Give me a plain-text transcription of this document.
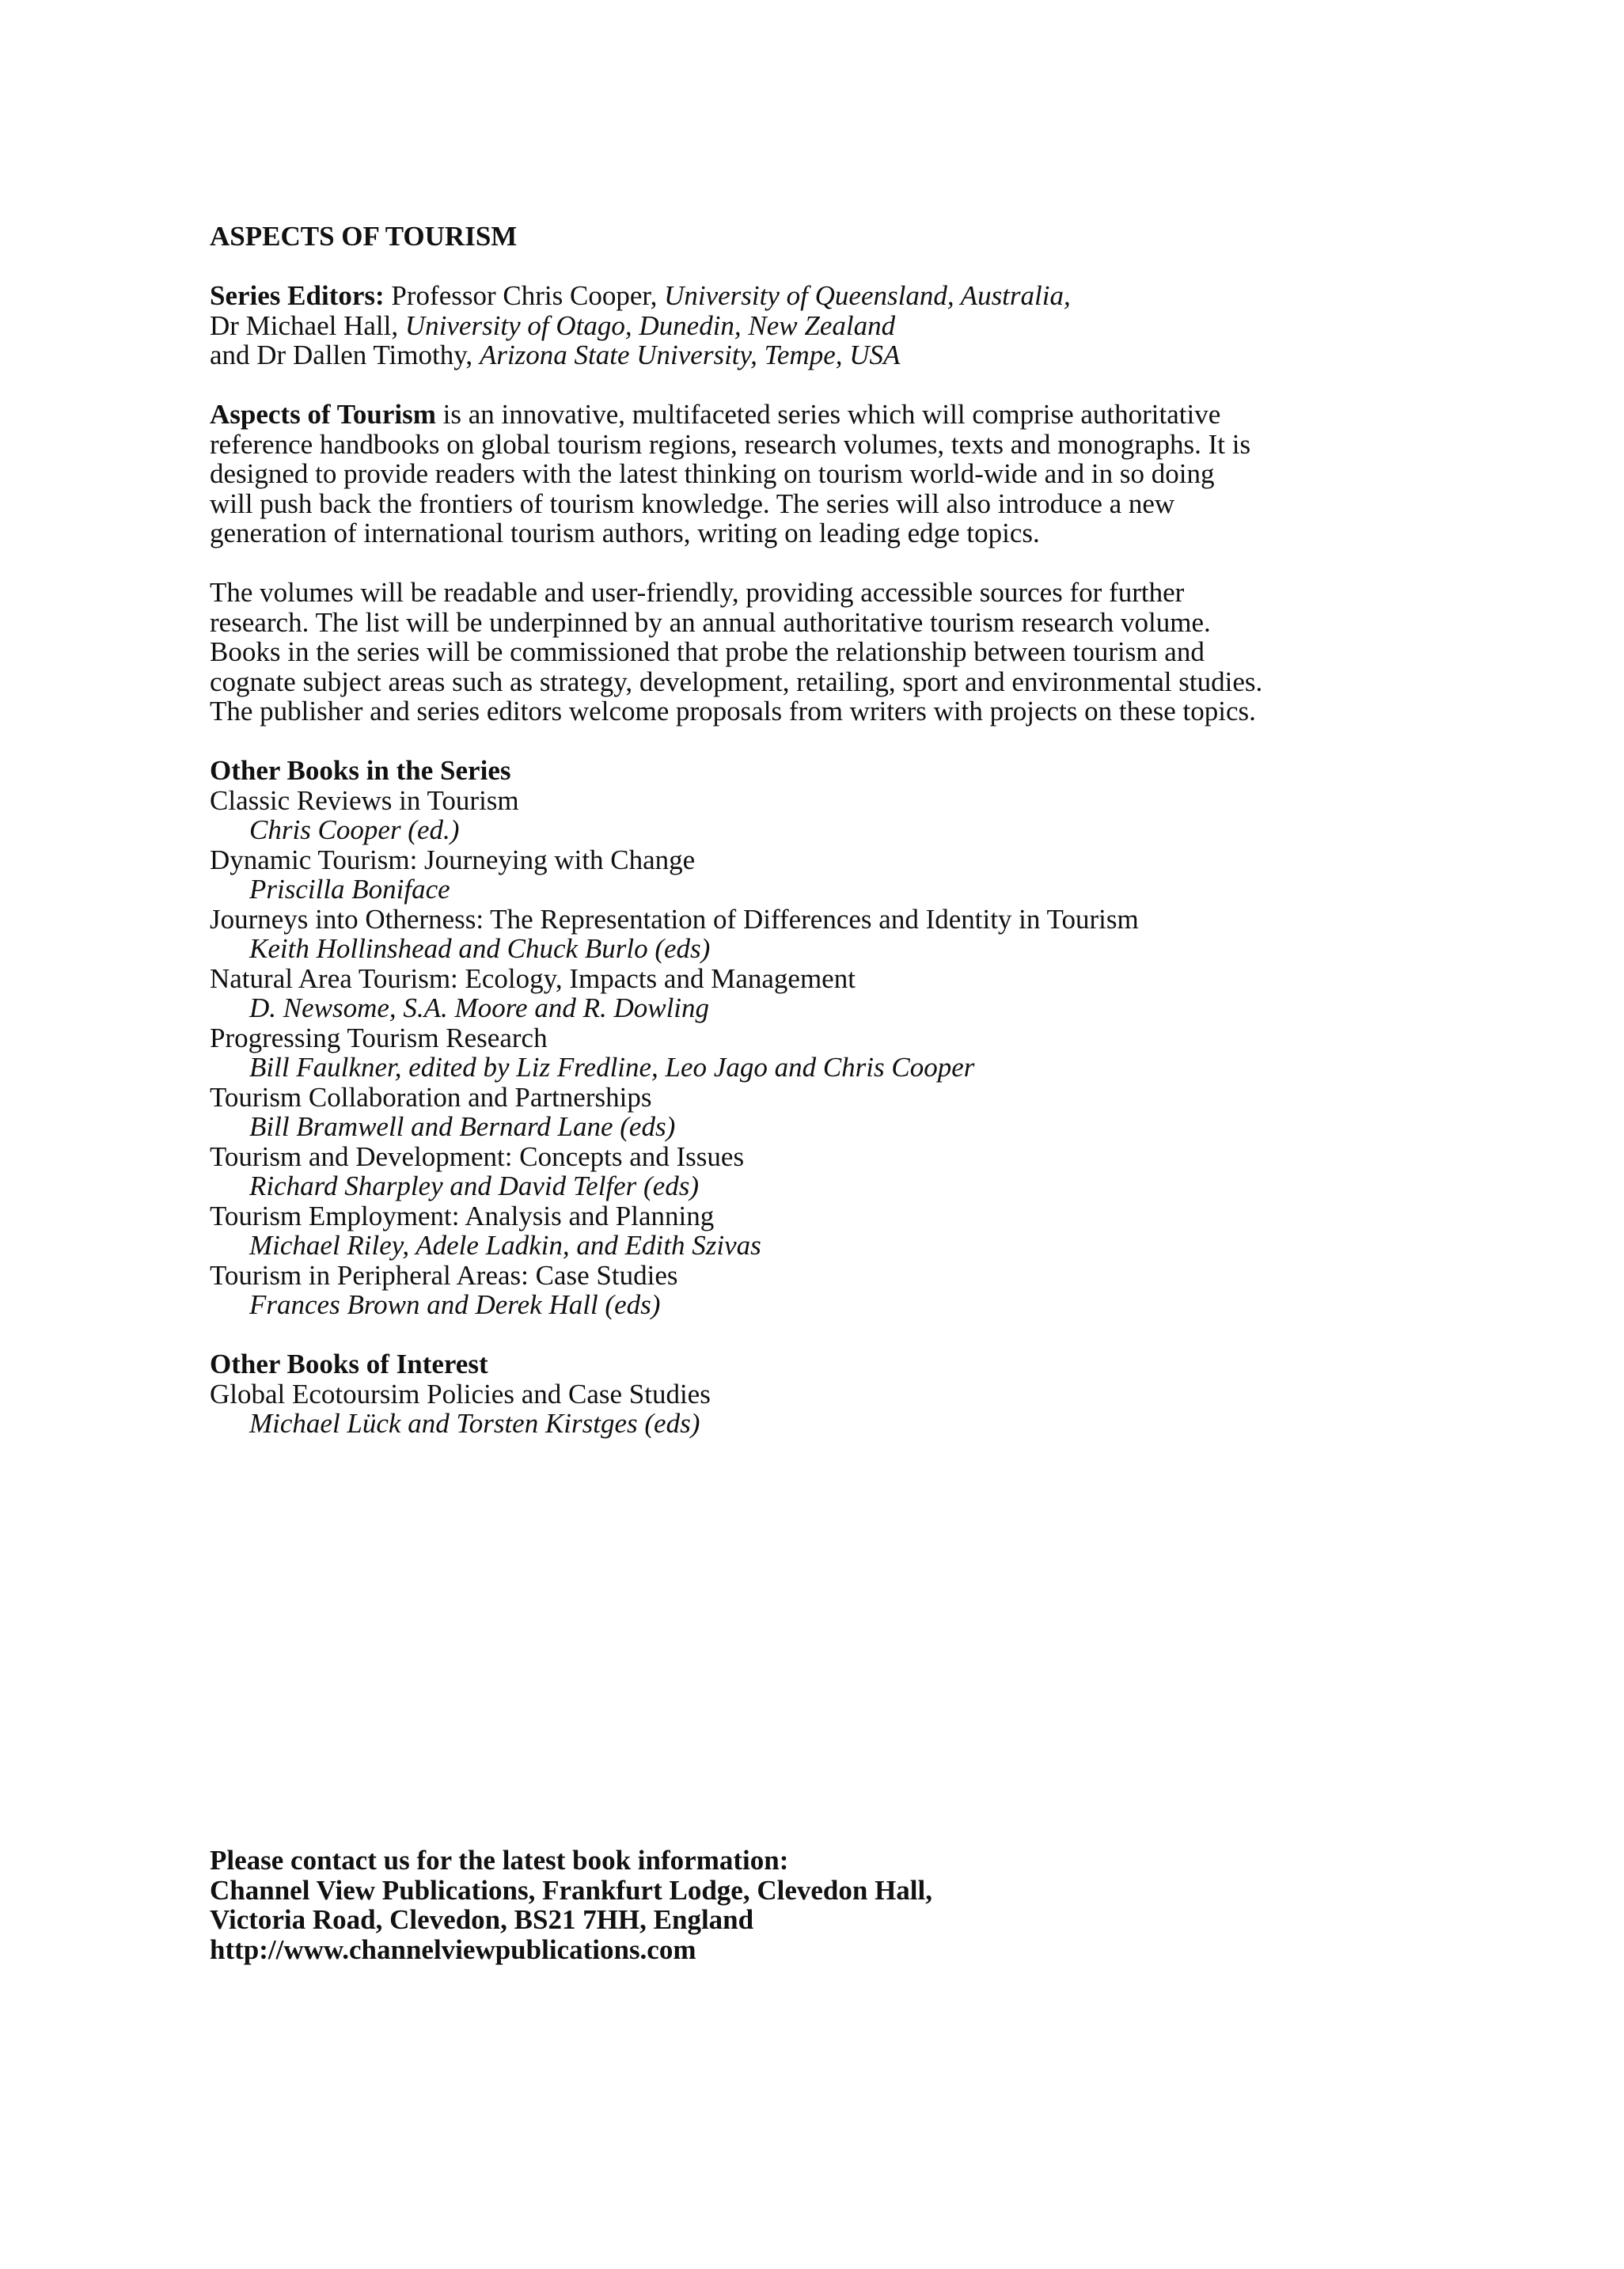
ASPECTS OF TOURISM
Series Editors: Professor Chris Cooper, University of Queensland, Australia,
Dr Michael Hall, University of Otago, Dunedin, New Zealand
and Dr Dallen Timothy, Arizona State University, Tempe, USA
Aspects of Tourism is an innovative, multifaceted series which will comprise authoritative
reference handbooks on global tourism regions, research volumes, texts and monographs. It is
designed to provide readers with the latest thinking on tourism world-wide and in so doing
will push back the frontiers of tourism knowledge. The series will also introduce a new
generation of international tourism authors, writing on leading edge topics.
The volumes will be readable and user-friendly, providing accessible sources for further
research. The list will be underpinned by an annual authoritative tourism research volume.
Books in the series will be commissioned that probe the relationship between tourism and
cognate subject areas such as strategy, development, retailing, sport and environmental studies.
The publisher and series editors welcome proposals from writers with projects on these topics.
Other Books in the Series
Classic Reviews in Tourism
Chris Cooper (ed.)
Dynamic Tourism: Journeying with Change
Priscilla Boniface
Journeys into Otherness: The Representation of Differences and Identity in Tourism
Keith Hollinshead and Chuck Burlo (eds)
Natural Area Tourism: Ecology, Impacts and Management
D. Newsome, S.A. Moore and R. Dowling
Progressing Tourism Research
Bill Faulkner, edited by Liz Fredline, Leo Jago and Chris Cooper
Tourism Collaboration and Partnerships
Bill Bramwell and Bernard Lane (eds)
Tourism and Development: Concepts and Issues
Richard Sharpley and David Telfer (eds)
Tourism Employment: Analysis and Planning
Michael Riley, Adele Ladkin, and Edith Szivas
Tourism in Peripheral Areas: Case Studies
Frances Brown and Derek Hall (eds)
Other Books of Interest
Global Ecotoursim Policies and Case Studies
Michael Lück and Torsten Kirstges (eds)
Please contact us for the latest book information:
Channel View Publications, Frankfurt Lodge, Clevedon Hall,
Victoria Road, Clevedon, BS21 7HH, England
http://www.channelviewpublications.com
